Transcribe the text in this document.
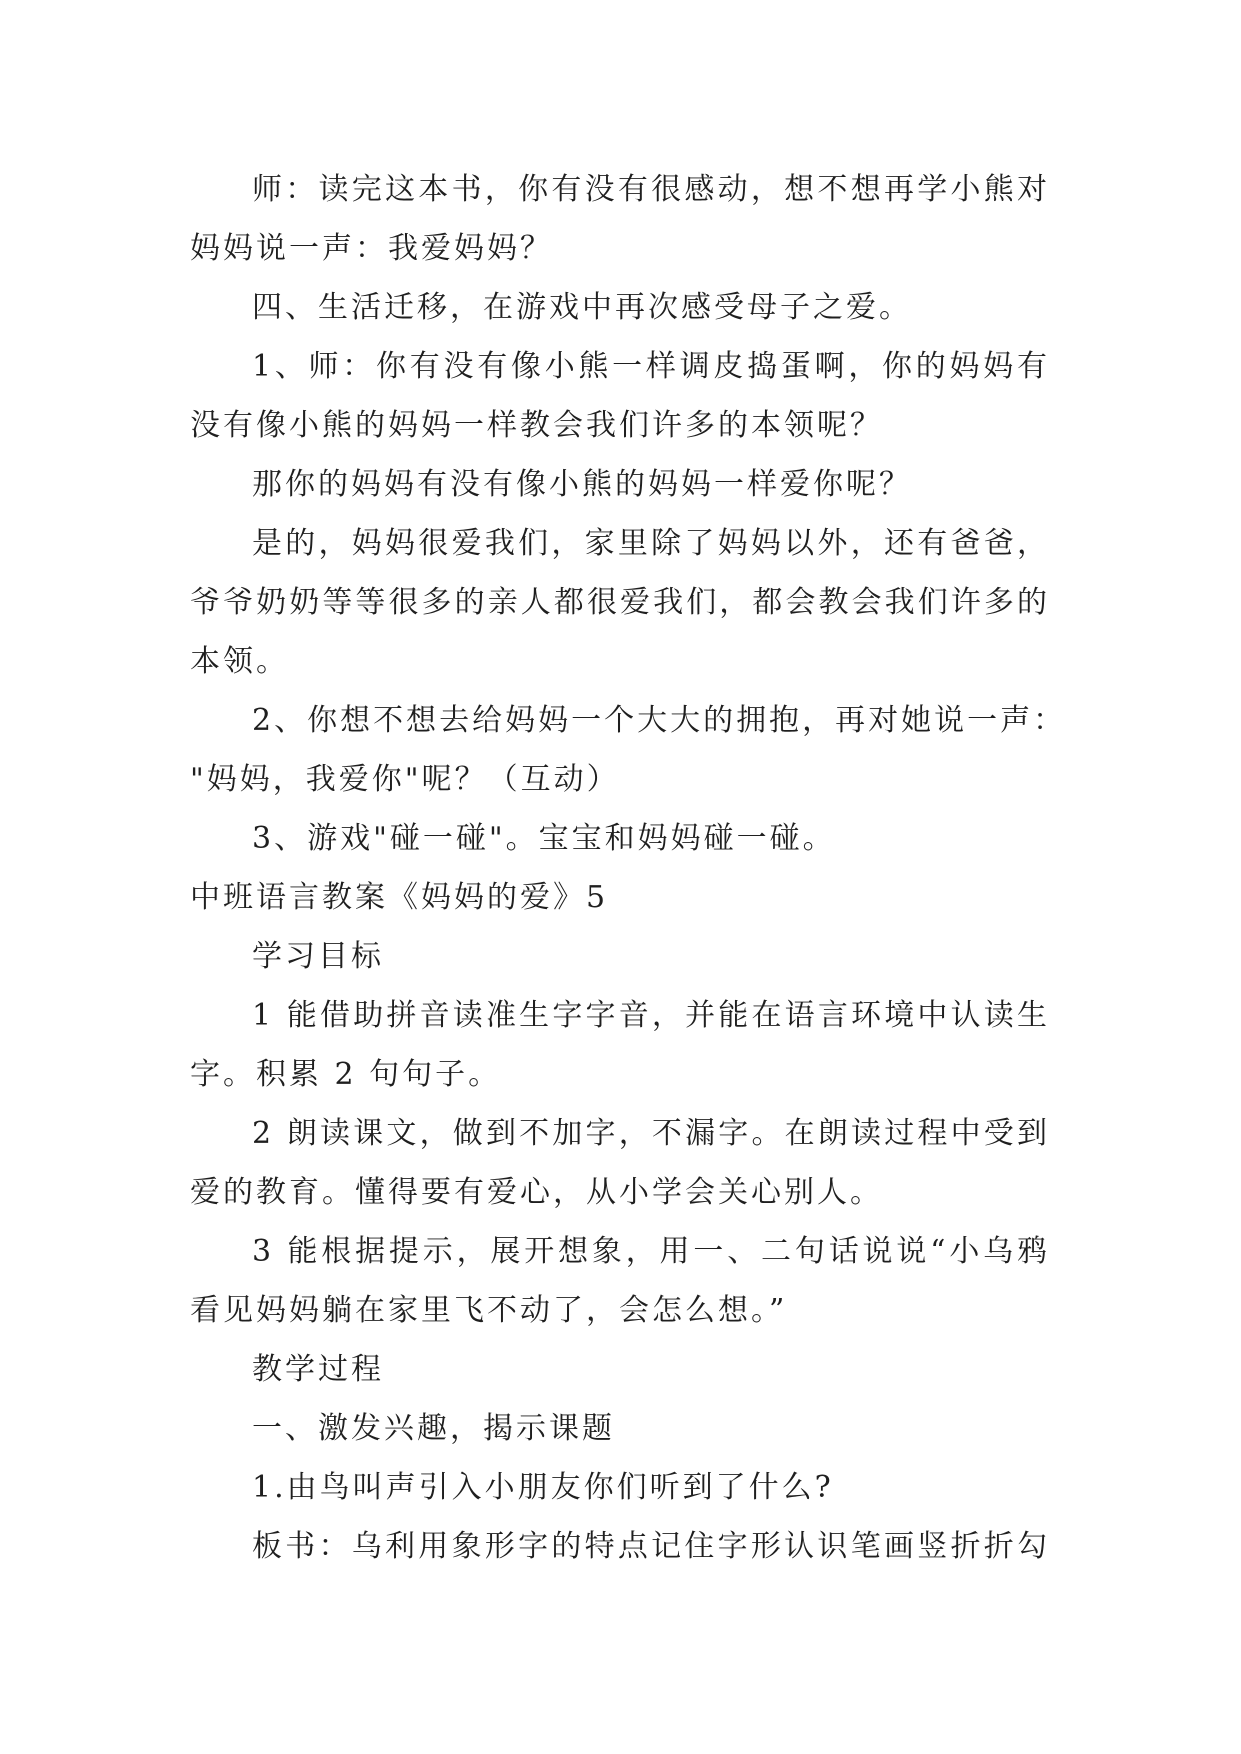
师：读完这本书，你有没有很感动，想不想再学小熊对
妈妈说一声：我爱妈妈？
四、生活迁移，在游戏中再次感受母子之爱。
1、师：你有没有像小熊一样调皮捣蛋啊，你的妈妈有
没有像小熊的妈妈一样教会我们许多的本领呢？
那你的妈妈有没有像小熊的妈妈一样爱你呢？
是的，妈妈很爱我们，家里除了妈妈以外，还有爸爸，
爷爷奶奶等等很多的亲人都很爱我们，都会教会我们许多的
本领。
2、你想不想去给妈妈一个大大的拥抱，再对她说一声：
"妈妈，我爱你"呢？（互动）
3、游戏"碰一碰"。宝宝和妈妈碰一碰。
中班语言教案《妈妈的爱》5
学习目标
1 能借助拼音读准生字字音，并能在语言环境中认读生
字。积累 2 句句子。
2 朗读课文，做到不加字，不漏字。在朗读过程中受到
爱的教育。懂得要有爱心，从小学会关心别人。
3 能根据提示，展开想象，用一、二句话说说“小乌鸦
看见妈妈躺在家里飞不动了，会怎么想。”
教学过程
一、激发兴趣，揭示课题
1.由鸟叫声引入小朋友你们听到了什么?
板书：乌利用象形字的特点记住字形认识笔画竖折折勾
